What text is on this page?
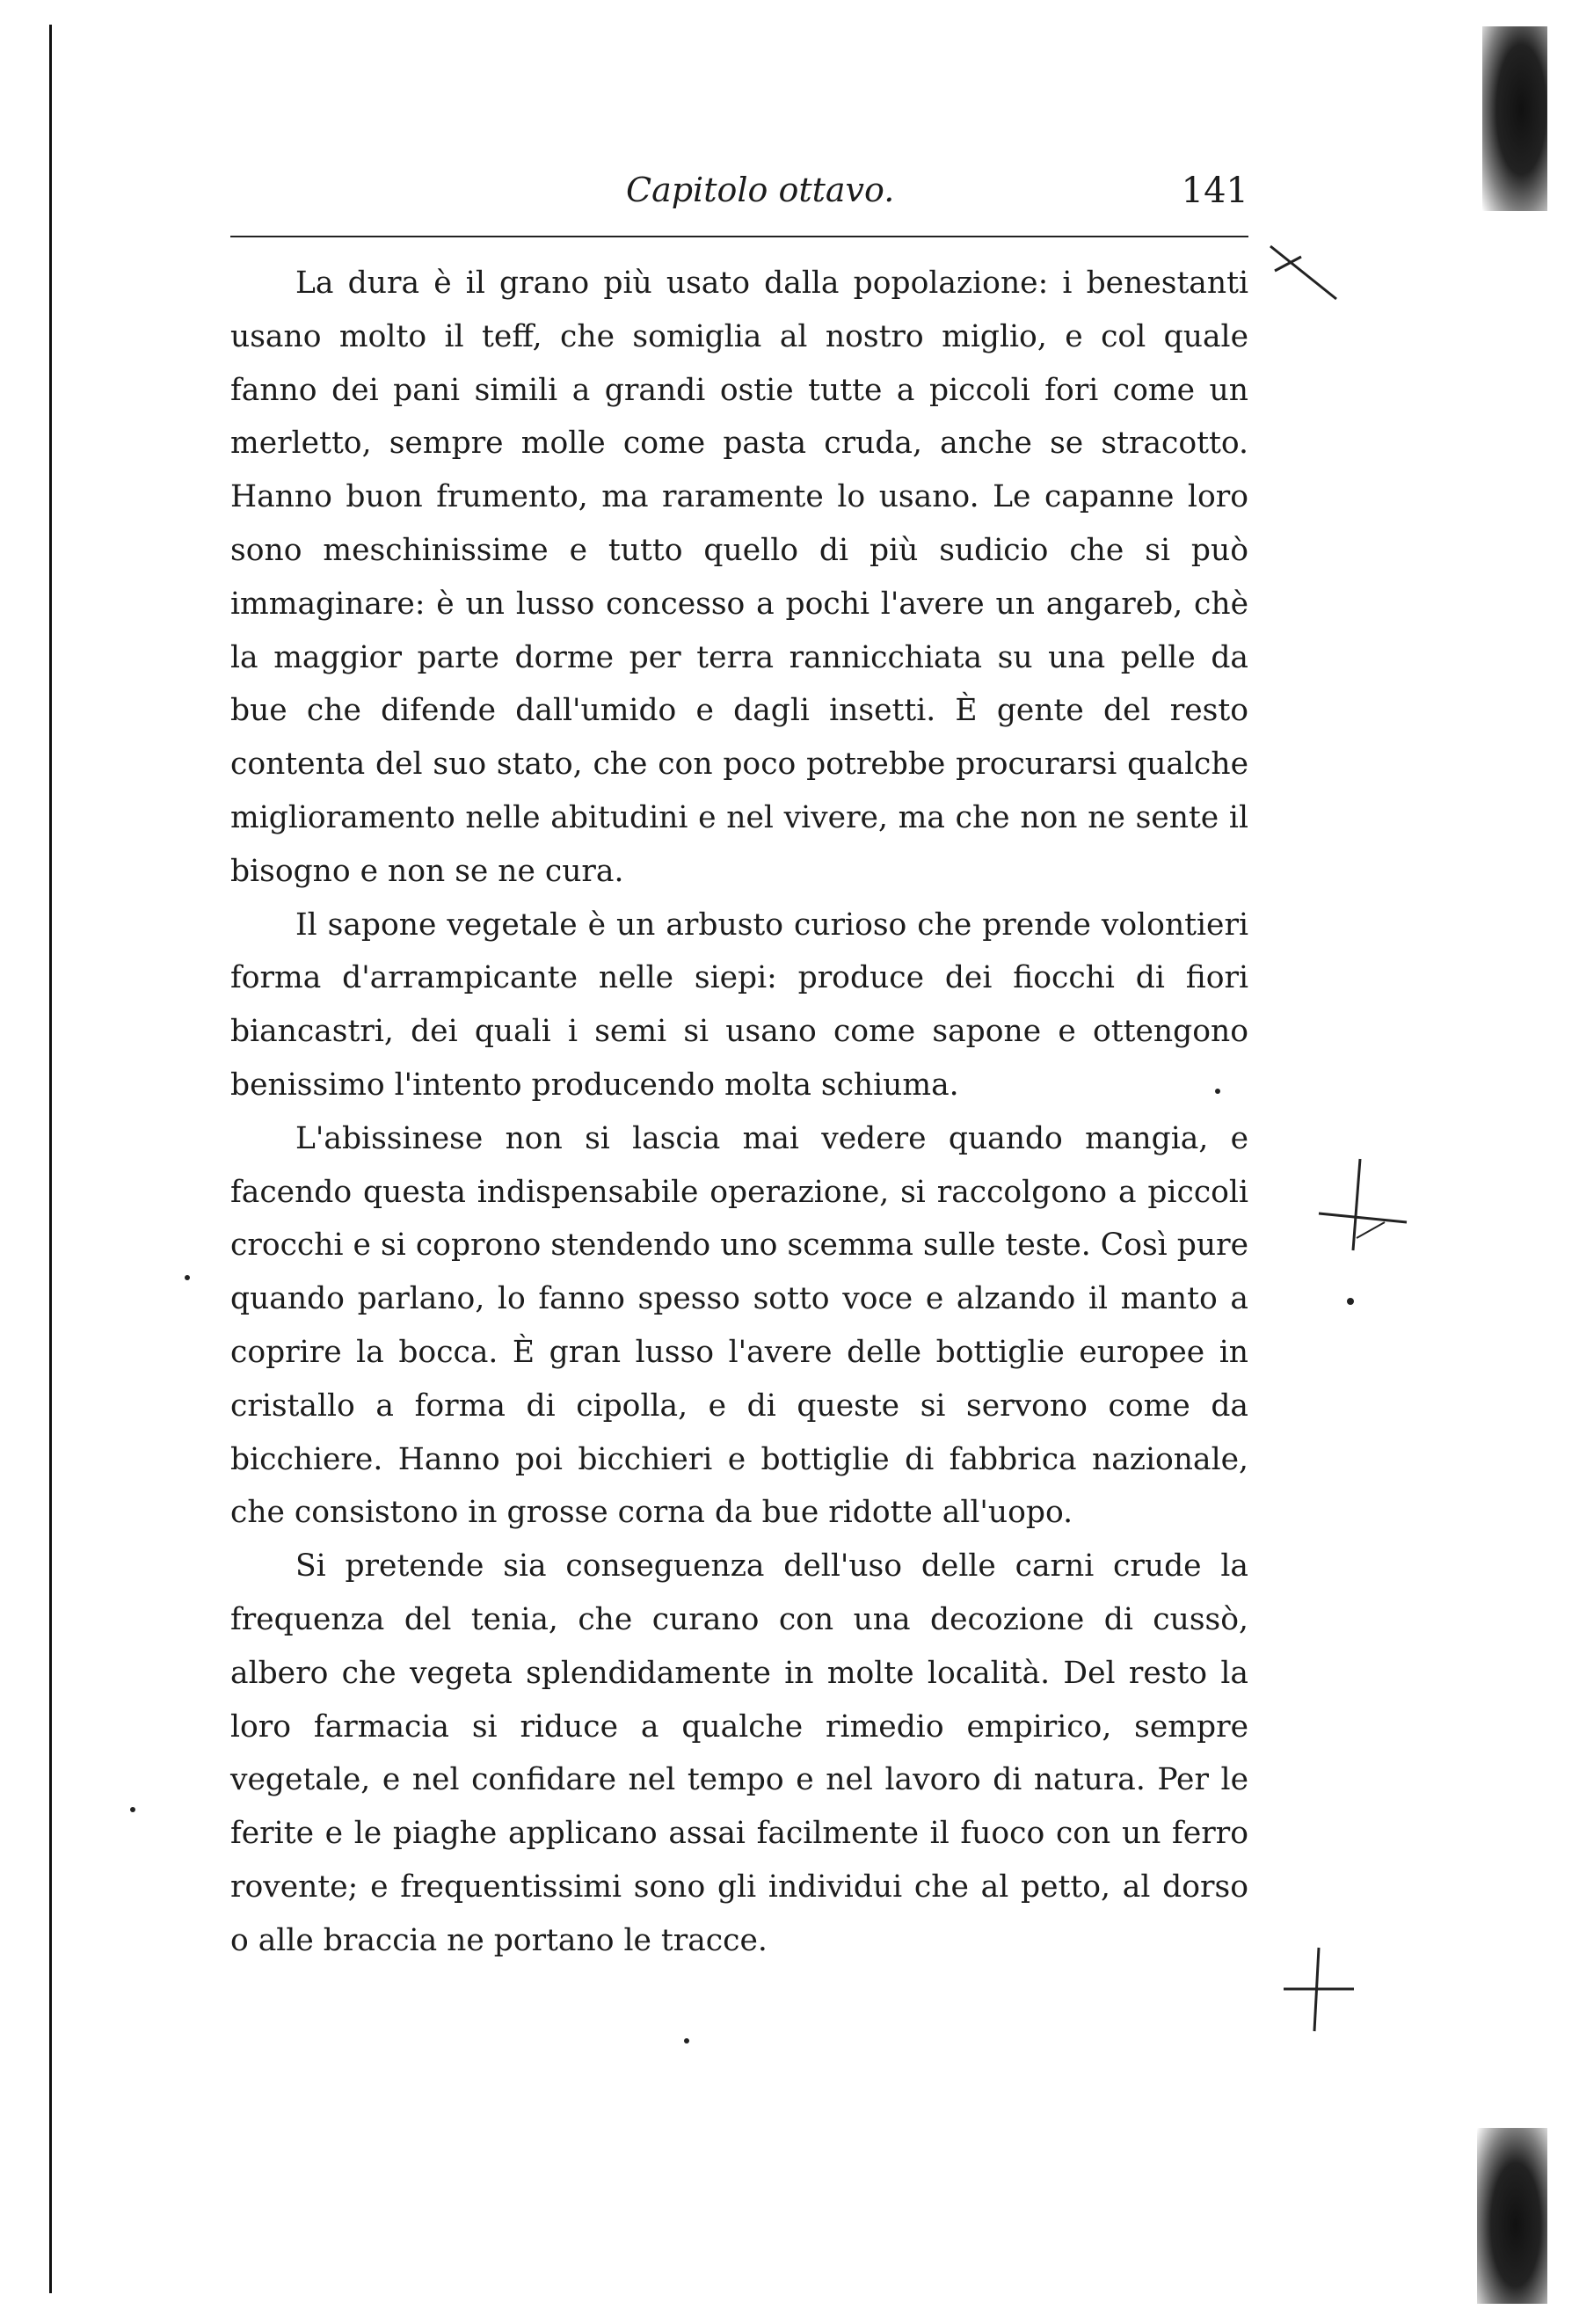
Capitolo ottavo.	141

La dura è il grano più usato dalla popolazione: i benestanti usano molto il teff, che somiglia al nostro miglio, e col quale fanno dei pani simili a grandi ostie tutte a piccoli fori come un merletto, sempre molle come pasta cruda, anche se stracotto. Hanno buon frumento, ma raramente lo usano. Le capanne loro sono meschinissime e tutto quello di più sudicio che si può immaginare: è un lusso concesso a pochi l'avere un angareb, chè la maggior parte dorme per terra rannicchiata su una pelle da bue che difende dall'umido e dagli insetti. È gente del resto contenta del suo stato, che con poco potrebbe procurarsi qualche miglioramento nelle abitudini e nel vivere, ma che non ne sente il bisogno e non se ne cura.

Il sapone vegetale è un arbusto curioso che prende volontieri forma d'arrampicante nelle siepi: produce dei fiocchi di fiori biancastri, dei quali i semi si usano come sapone e ottengono benissimo l'intento producendo molta schiuma.

L'abissinese non si lascia mai vedere quando mangia, e facendo questa indispensabile operazione, si raccolgono a piccoli crocchi e si coprono stendendo uno scemma sulle teste. Così pure quando parlano, lo fanno spesso sotto voce e alzando il manto a coprire la bocca. È gran lusso l'avere delle bottiglie europee in cristallo a forma di cipolla, e di queste si servono come da bicchiere. Hanno poi bicchieri e bottiglie di fabbrica nazionale, che consistono in grosse corna da bue ridotte all'uopo.

Si pretende sia conseguenza dell'uso delle carni crude la frequenza del tenia, che curano con una decozione di cussò, albero che vegeta splendidamente in molte località. Del resto la loro farmacia si riduce a qualche rimedio empirico, sempre vegetale, e nel confidare nel tempo e nel lavoro di natura. Per le ferite e le piaghe applicano assai facilmente il fuoco con un ferro rovente; e frequentissimi sono gli individui che al petto, al dorso o alle braccia ne portano le tracce.
